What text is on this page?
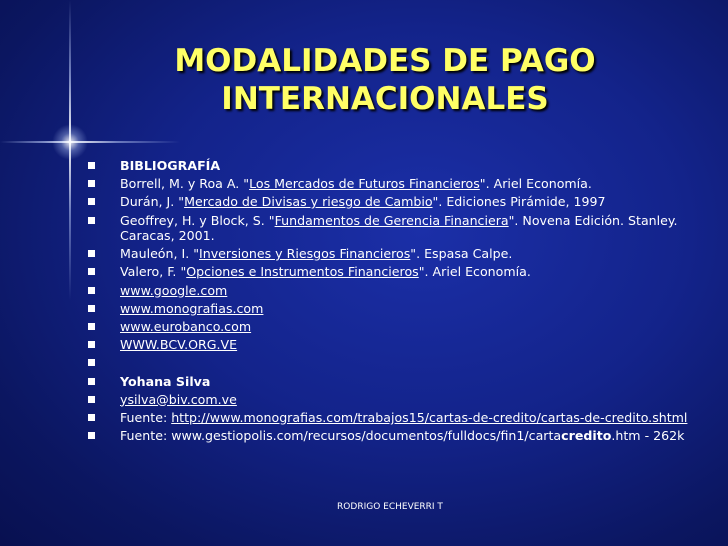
MODALIDADES DE PAGO
INTERNACIONALES
BIBLIOGRAFÍA
Borrell, M. y Roa A. "Los Mercados de Futuros Financieros". Ariel Economía.
Durán, J. "Mercado de Divisas y riesgo de Cambio". Ediciones Pirámide, 1997
Geoffrey, H. y Block, S. "Fundamentos de Gerencia Financiera". Novena Edición. Stanley. Caracas, 2001.
Mauleón, I. "Inversiones y Riesgos Financieros". Espasa Calpe.
Valero, F. "Opciones e Instrumentos Financieros". Ariel Economía.
www.google.com
www.monografias.com
www.eurobanco.com
WWW.BCV.ORG.VE

Yohana Silva
ysilva@biv.com.ve
Fuente: http://www.monografias.com/trabajos15/cartas-de-credito/cartas-de-credito.shtml
Fuente: www.gestiopolis.com/recursos/documentos/fulldocs/fin1/cartacredito.htm - 262k
RODRIGO ECHEVERRI T
